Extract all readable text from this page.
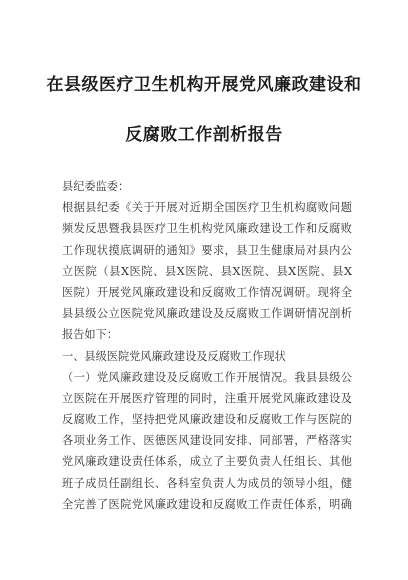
在县级医疗卫生机构开展党风廉政建设和
反腐败工作剖析报告
县纪委监委：
根据县纪委《关于开展对近期全国医疗卫生机构腐败问题
频发反思暨我县医疗卫生机构党风廉政建设工作和反腐败
工作现状摸底调研的通知》要求，县卫生健康局对县内公
立医院（县X医院、县X医院、县X医院、县X医院、县X
医院）开展党风廉政建设和反腐败工作情况调研。现将全
县县级公立医院党风廉政建设及反腐败工作调研情况剖析
报告如下：
一、县级医院党风廉政建设及反腐败工作现状
（一）党风廉政建设及反腐败工作开展情况。我县县级公
立医院在开展医疗管理的同时，注重开展党风廉政建设及
反腐败工作，坚持把党风廉政建设和反腐败工作与医院的
各项业务工作、医德医风建设同安排、同部署，严格落实
党风廉政建设责任体系，成立了主要负责人任组长、其他
班子成员任副组长、各科室负责人为成员的领导小组，健
全完善了医院党风廉政建设和反腐败工作责任体系，明确
